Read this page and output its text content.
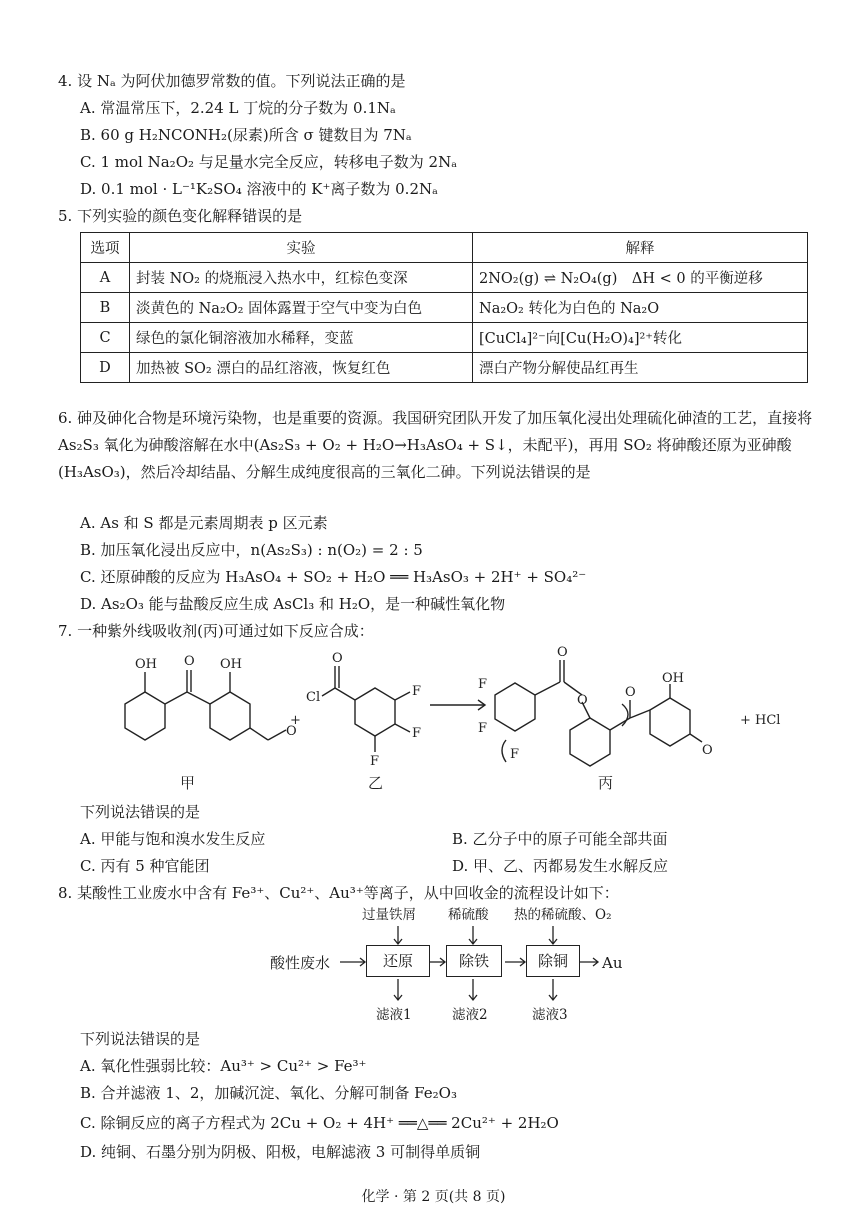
4. 设 Nₐ 为阿伏加德罗常数的值。下列说法正确的是
A. 常温常压下，2.24 L 丁烷的分子数为 0.1Nₐ
B. 60 g H₂NCONH₂(尿素)所含 σ 键数目为 7Nₐ
C. 1 mol Na₂O₂ 与足量水完全反应，转移电子数为 2Nₐ
D. 0.1 mol · L⁻¹K₂SO₄ 溶液中的 K⁺离子数为 0.2Nₐ
5. 下列实验的颜色变化解释错误的是
选项	实验	解释
A	封装 NO₂ 的烧瓶浸入热水中，红棕色变深	2NO₂(g) ⇌ N₂O₄(g)　ΔH < 0 的平衡逆移
B	淡黄色的 Na₂O₂ 固体露置于空气中变为白色	Na₂O₂ 转化为白色的 Na₂O
C	绿色的氯化铜溶液加水稀释，变蓝	[CuCl₄]²⁻向[Cu(H₂O)₄]²⁺转化
D	加热被 SO₂ 漂白的品红溶液，恢复红色	漂白产物分解使品红再生
6. 砷及砷化合物是环境污染物，也是重要的资源。我国研究团队开发了加压氧化浸出处理硫化砷渣的工艺，直接将 As₂S₃ 氧化为砷酸溶解在水中(As₂S₃ + O₂ + H₂O→H₃AsO₄ + S↓，未配平)，再用 SO₂ 将砷酸还原为亚砷酸(H₃AsO₃)，然后冷却结晶、分解生成纯度很高的三氧化二砷。下列说法错误的是
A. As 和 S 都是元素周期表 p 区元素
B. 加压氧化浸出反应中，n(As₂S₃) : n(O₂) = 2 : 5
C. 还原砷酸的反应为 H₃AsO₄ + SO₂ + H₂O ══ H₃AsO₃ + 2H⁺ + SO₄²⁻
D. As₂O₃ 能与盐酸反应生成 AsCl₃ 和 H₂O，是一种碱性氧化物
7. 一种紫外线吸收剂(丙)可通过如下反应合成：
OH	OH
O
O
+
O
Cl	F
F
F
F
F
F
O
O
O
OH
O
+ HCl
甲	乙	丙
下列说法错误的是
A. 甲能与饱和溴水发生反应	B. 乙分子中的原子可能全部共面
C. 丙有 5 种官能团	D. 甲、乙、丙都易发生水解反应
8. 某酸性工业废水中含有 Fe³⁺、Cu²⁺、Au³⁺等离子，从中回收金的流程设计如下：
过量铁屑 稀硫酸 热的稀硫酸、O₂
酸性废水	还原	除铁	除铜	Au
滤液1	滤液2	滤液3
下列说法错误的是
A. 氧化性强弱比较：Au³⁺ > Cu²⁺ > Fe³⁺
B. 合并滤液 1、2，加碱沉淀、氧化、分解可制备 Fe₂O₃
C. 除铜反应的离子方程式为 2Cu + O₂ + 4H⁺ ══△══ 2Cu²⁺ + 2H₂O
D. 纯铜、石墨分别为阴极、阳极，电解滤液 3 可制得单质铜
化学 · 第 2 页(共 8 页)
